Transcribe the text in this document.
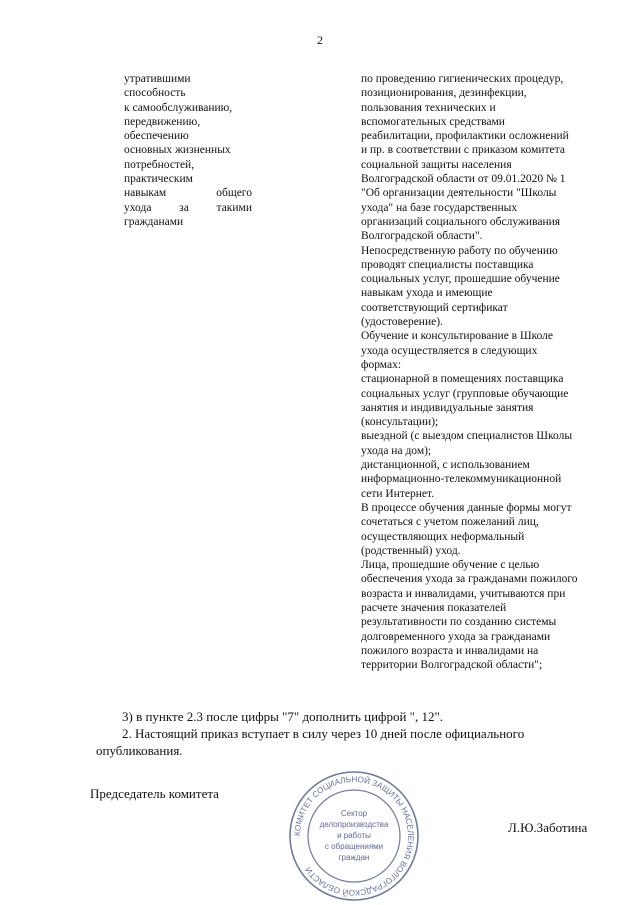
2
утратившими
способность
к самообслуживанию,
передвижению,
обеспечению
основных жизненных
потребностей,
практическим
навыкам	общего
ухода за такими
гражданами
по проведению гигиенических процедур,
позиционирования, дезинфекции,
пользования технических и
вспомогательных средствами
реабилитации, профилактики осложнений
и пр. в соответствии с приказом комитета
социальной защиты населения
Волгоградской области от 09.01.2020 № 1
"Об организации деятельности "Школы
ухода" на базе государственных
организаций социального обслуживания
Волгоградской области".
Непосредственную работу по обучению
проводят специалисты поставщика
социальных услуг, прошедшие обучение
навыкам ухода и имеющие
соответствующий сертификат
(удостоверение).
Обучение и консультирование в Школе
ухода осуществляется в следующих
формах:
стационарной в помещениях поставщика
социальных услуг (групповые обучающие
занятия и индивидуальные занятия
(консультации);
выездной (с выездом специалистов Школы
ухода на дом);
дистанционной, с использованием
информационно-телекоммуникационной
сети Интернет.
В процессе обучения данные формы могут
сочетаться с учетом пожеланий лиц,
осуществляющих неформальный
(родственный) уход.
Лица, прошедшие обучение с целью
обеспечения ухода за гражданами пожилого
возраста и инвалидами, учитываются при
расчете значения показателей
результативности по созданию системы
долговременного ухода за гражданами
пожилого возраста и инвалидами на
территории Волгоградской области";
3) в пункте 2.3 после цифры "7" дополнить цифрой ", 12".
2. Настоящий приказ вступает в силу через 10 дней после официального опубликования.
Председатель комитета
Л.Ю.Заботина
КОМИТЕТ СОЦИАЛЬНОЙ ЗАЩИТЫ НАСЕЛЕНИЯ ВОЛГОГРАДСКОЙ ОБЛАСТИ
Сектор
делопроизводства
и работы
с обращениями
граждан
